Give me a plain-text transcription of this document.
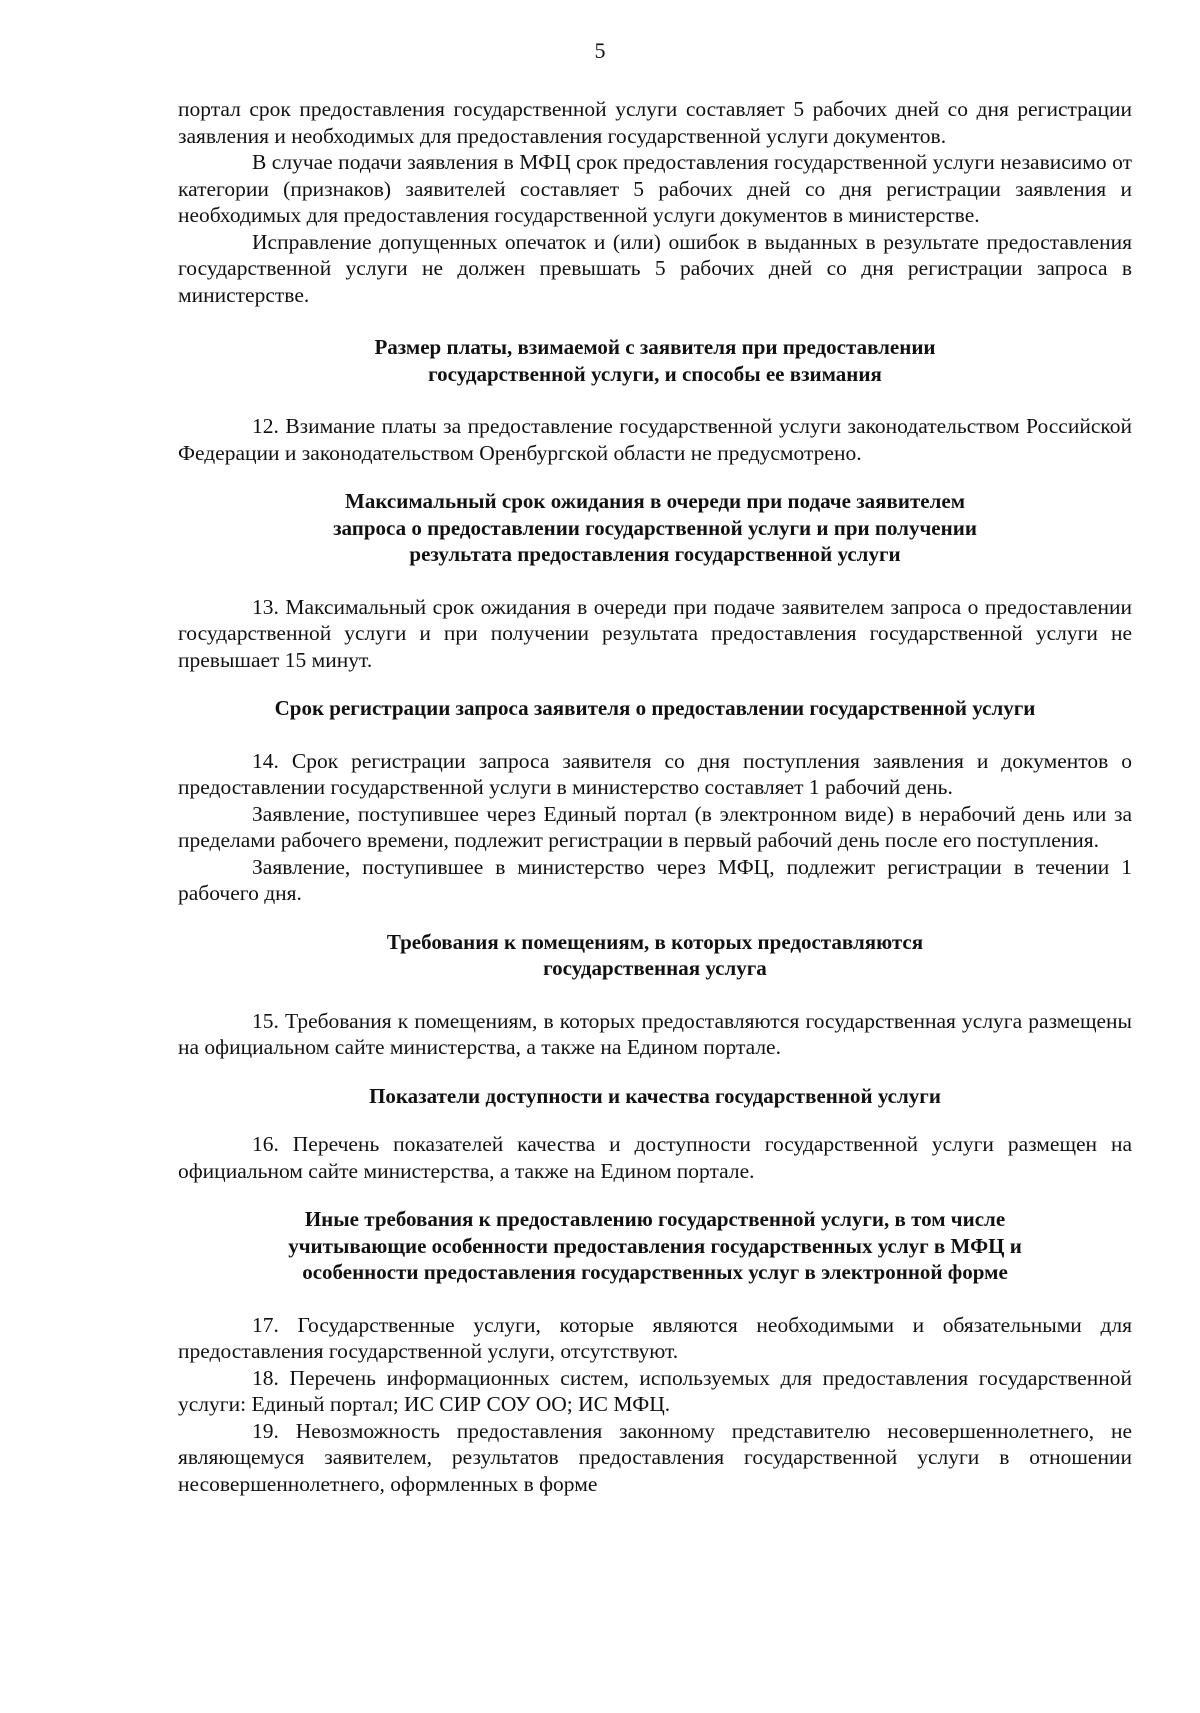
5

портал срок предоставления государственной услуги составляет 5 рабочих дней со дня регистрации заявления и необходимых для предоставления государственной услуги документов.

В случае подачи заявления в МФЦ срок предоставления государственной услуги независимо от категории (признаков) заявителей составляет 5 рабочих дней со дня регистрации заявления и необходимых для предоставления государственной услуги документов в министерстве.

Исправление допущенных опечаток и (или) ошибок в выданных в результате предоставления государственной услуги не должен превышать 5 рабочих дней со дня регистрации запроса в министерстве.

Размер платы, взимаемой с заявителя при предоставлении
государственной услуги, и способы ее взимания

12. Взимание платы за предоставление государственной услуги законодательством Российской Федерации и законодательством Оренбургской области не предусмотрено.

Максимальный срок ожидания в очереди при подаче заявителем
запроса о предоставлении государственной услуги и при получении
результата предоставления государственной услуги

13. Максимальный срок ожидания в очереди при подаче заявителем запроса о предоставлении государственной услуги и при получении результата предоставления государственной услуги не превышает 15 минут.

Срок регистрации запроса заявителя о предоставлении государственной услуги

14. Срок регистрации запроса заявителя со дня поступления заявления и документов о предоставлении государственной услуги в министерство составляет 1 рабочий день.

Заявление, поступившее через Единый портал (в электронном виде) в нерабочий день или за пределами рабочего времени, подлежит регистрации в первый рабочий день после его поступления.

Заявление, поступившее в министерство через МФЦ, подлежит регистрации в течении 1 рабочего дня.

Требования к помещениям, в которых предоставляются
государственная услуга

15. Требования к помещениям, в которых предоставляются государственная услуга размещены на официальном сайте министерства, а также на Едином портале.

Показатели доступности и качества государственной услуги

16. Перечень показателей качества и доступности государственной услуги размещен на официальном сайте министерства, а также на Едином портале.

Иные требования к предоставлению государственной услуги, в том числе
учитывающие особенности предоставления государственных услуг в МФЦ и
особенности предоставления государственных услуг в электронной форме

17. Государственные услуги, которые являются необходимыми и обязательными для предоставления государственной услуги, отсутствуют.

18. Перечень информационных систем, используемых для предоставления государственной услуги: Единый портал; ИС СИР СОУ ОО; ИС МФЦ.

19. Невозможность предоставления законному представителю несовершеннолетнего, не являющемуся заявителем, результатов предоставления государственной услуги в отношении несовершеннолетнего, оформленных в форме
